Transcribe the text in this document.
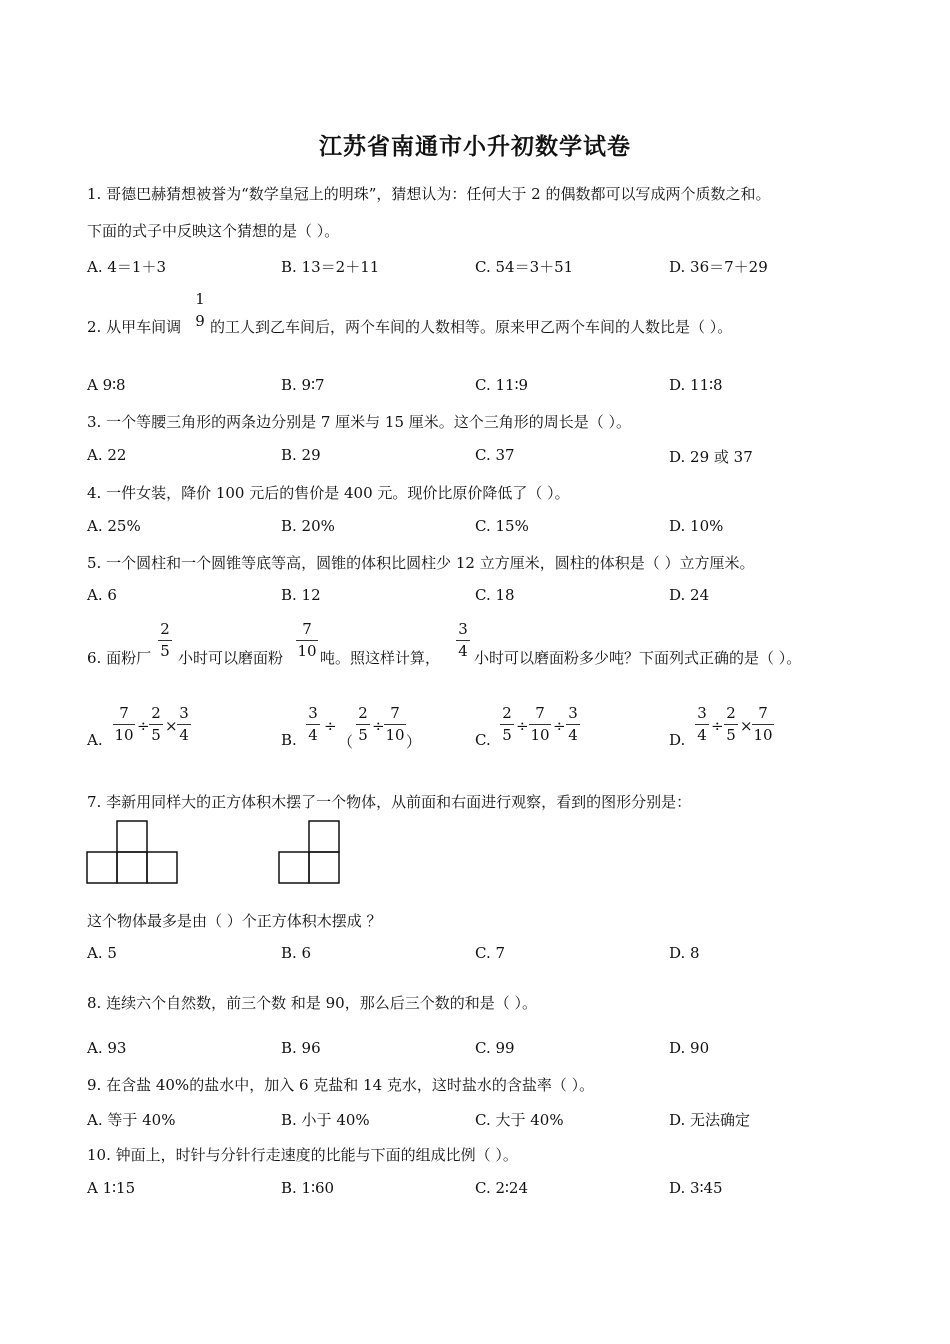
江苏省南通市小升初数学试卷
1. 哥德巴赫猜想被誉为“数学皇冠上的明珠”，猜想认为：任何大于 2 的偶数都可以写成两个质数之和。
下面的式子中反映这个猜想的是（ ）。
A. 4＝1＋3	B. 13＝2＋11	C. 54＝3＋51	D. 36＝7＋29
2. 从甲车间调
1
9 的工人到乙车间后，两个车间的人数相等。原来甲乙两个车间的人数比是（ ）。
A 9∶8	B. 9∶7	C. 11∶9	D. 11∶8
3. 一个等腰三角形的两条边分别是 7 厘米与 15 厘米。这个三角形的周长是（ ）。
A. 22	B. 29	C. 37	D. 29 或 37
4. 一件女装，降价 100 元后的售价是 400 元。现价比原价降低了（ ）。
A. 25%	B. 20%	C. 15%	D. 10%
5. 一个圆柱和一个圆锥等底等高，圆锥的体积比圆柱少 12 立方厘米，圆柱的体积是（ ）立方厘米。
A. 6	B. 12	C. 18	D. 24
6. 面粉厂
2
5 小时可以磨面粉
7
10 吨。照这样计算，
3
4 小时可以磨面粉多少吨？下面列式正确的是（ ）。
A.
7
10 ÷
2
5 ×
3
4	B.
3
4 ÷
（
2
5 ÷
7
10 ）	C.
2
5 ÷
7
10 ÷
3
4	D.
3
4 ÷
2
5 ×
7
10
7. 李新用同样大的正方体积木摆了一个物体，从前面和右面进行观察，看到的图形分别是：
这个物体最多是由（ ）个正方体积木摆成 ？
A. 5	B. 6	C. 7	D. 8
8. 连续六个自然数，前三个数 和是 90，那么后三个数的和是（ ）。
A. 93	B. 96	C. 99	D. 90
9. 在含盐 40%的盐水中，加入 6 克盐和 14 克水，这时盐水的含盐率（ ）。
A. 等于 40%	B. 小于 40%	C. 大于 40%	D. 无法确定
10. 钟面上，时针与分针行走速度的比能与下面的组成比例（ ）。
A 1∶15	B. 1∶60	C. 2∶24	D. 3∶45
